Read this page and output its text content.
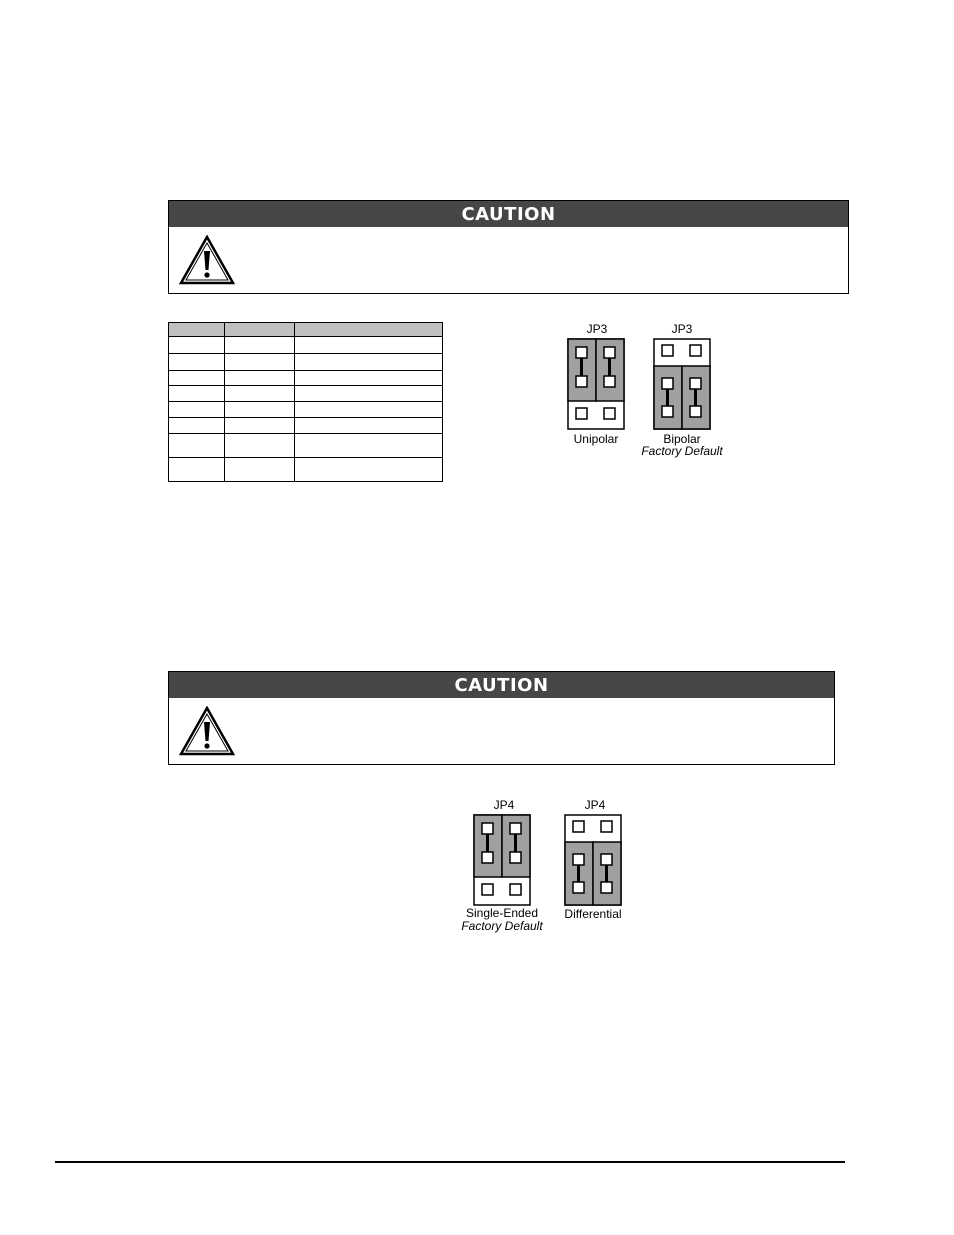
CAUTION

JP3
Unipolar
JP3
Bipolar
Factory Default
CAUTION
JP4
Single-Ended
Factory Default
JP4
Differential
